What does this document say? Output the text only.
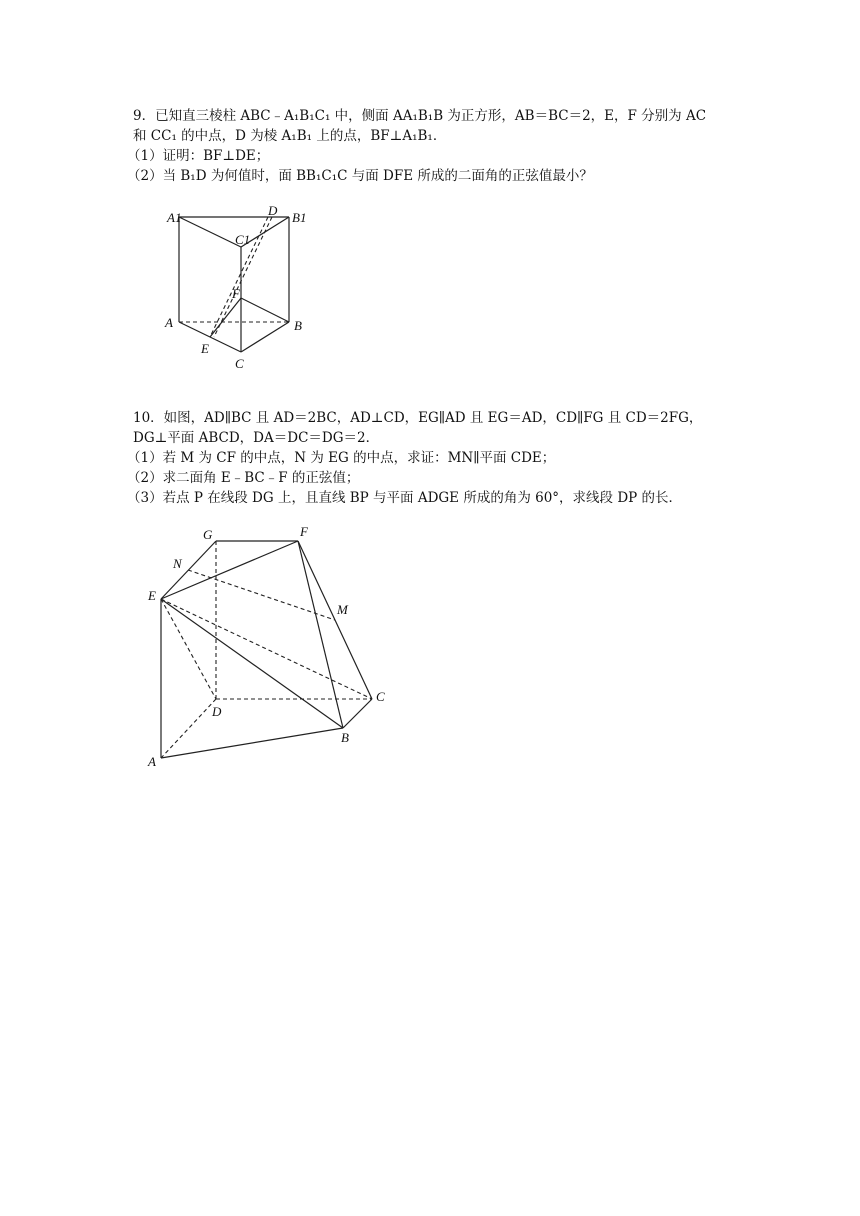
9．已知直三棱柱 ABC﹣A₁B₁C₁ 中，侧面 AA₁B₁B 为正方形，AB＝BC＝2，E，F 分别为 AC
和 CC₁ 的中点，D 为棱 A₁B₁ 上的点，BF⊥A₁B₁．
（1）证明：BF⊥DE；
（2）当 B₁D 为何值时，面 BB₁C₁C 与面 DFE 所成的二面角的正弦值最小？
A1	D B1
C1
F
A	B
E
C
10．如图，AD∥BC 且 AD＝2BC，AD⊥CD，EG∥AD 且 EG＝AD，CD∥FG 且 CD＝2FG，
DG⊥平面 ABCD，DA＝DC＝DG＝2．
（1）若 M 为 CF 的中点，N 为 EG 的中点，求证：MN∥平面 CDE；
（2）求二面角 E﹣BC﹣F 的正弦值；
（3）若点 P 在线段 DG 上，且直线 BP 与平面 ADGE 所成的角为 60°，求线段 DP 的长．
G	F
N
E
M
D
C
B
A
